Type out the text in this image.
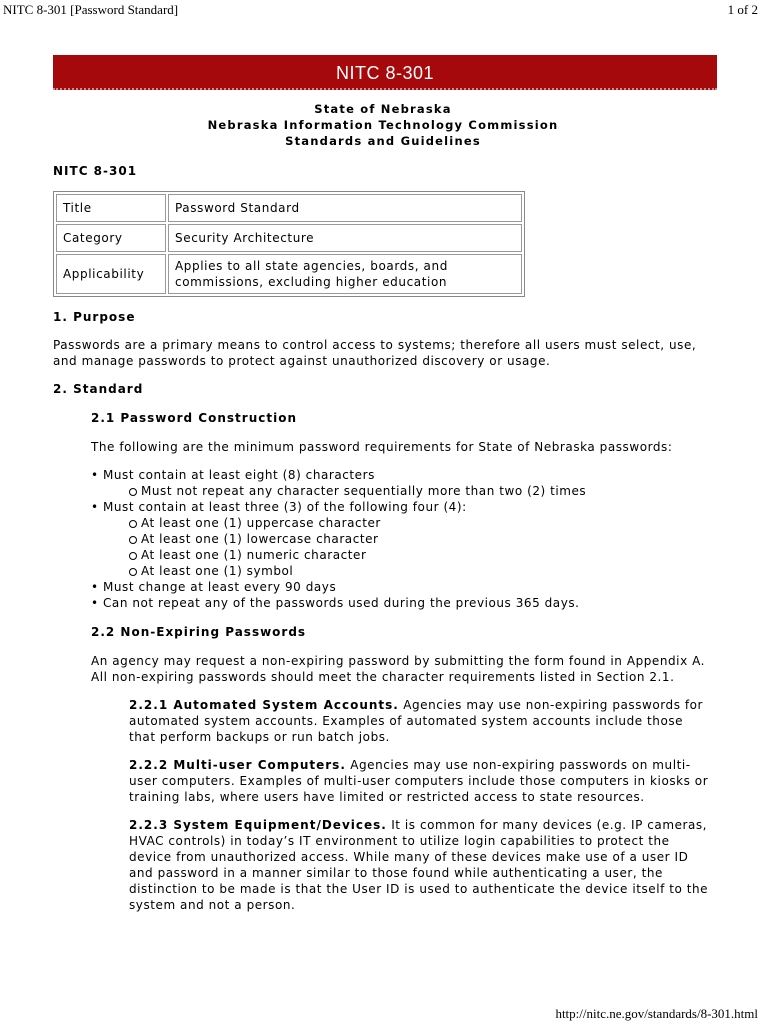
NITC 8-301 [Password Standard]	1 of 2
NITC 8-301
State of Nebraska
Nebraska Information Technology Commission
Standards and Guidelines

NITC 8-301

Title	Password Standard
Category	Security Architecture
Applicability	Applies to all state agencies, boards, and commissions, excluding higher education

1. Purpose

Passwords are a primary means to control access to systems; therefore all users must select, use, and manage passwords to protect against unauthorized discovery or usage.

2. Standard

2.1 Password Construction

The following are the minimum password requirements for State of Nebraska passwords:

• Must contain at least eight (8) characters
Must not repeat any character sequentially more than two (2) times
• Must contain at least three (3) of the following four (4):
At least one (1) uppercase character
At least one (1) lowercase character
At least one (1) numeric character
At least one (1) symbol
• Must change at least every 90 days
• Can not repeat any of the passwords used during the previous 365 days.

2.2 Non-Expiring Passwords

An agency may request a non-expiring password by submitting the form found in Appendix A. All non-expiring passwords should meet the character requirements listed in Section 2.1.

2.2.1 Automated System Accounts. Agencies may use non-expiring passwords for automated system accounts. Examples of automated system accounts include those that perform backups or run batch jobs.

2.2.2 Multi-user Computers. Agencies may use non-expiring passwords on multi-user computers. Examples of multi-user computers include those computers in kiosks or training labs, where users have limited or restricted access to state resources.

2.2.3 System Equipment/Devices. It is common for many devices (e.g. IP cameras, HVAC controls) in today’s IT environment to utilize login capabilities to protect the device from unauthorized access. While many of these devices make use of a user ID and password in a manner similar to those found while authenticating a user, the distinction to be made is that the User ID is used to authenticate the device itself to the system and not a person.

http://nitc.ne.gov/standards/8-301.html
